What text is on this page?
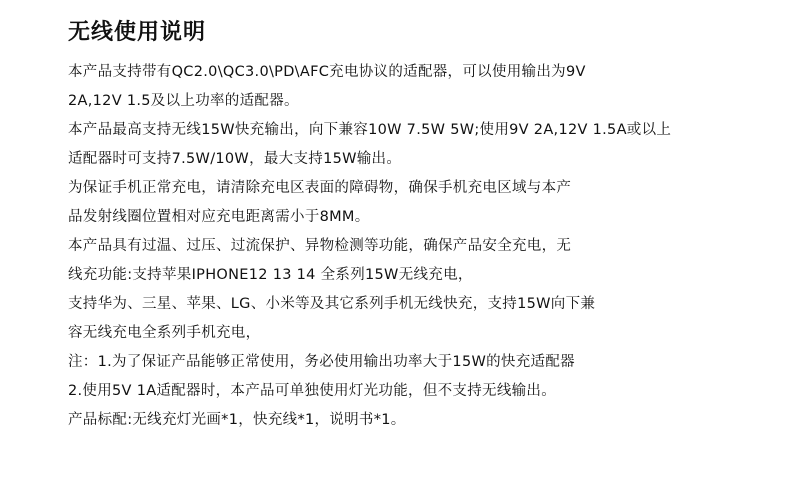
无线使用说明
本产品支持带有QC2.0\QC3.0\PD\AFC充电协议的适配器，可以使用输出为9V
2A,12V 1.5及以上功率的适配器。
本产品最高支持无线15W快充输出，向下兼容10W 7.5W 5W;使用9V 2A,12V 1.5A或以上
适配器时可支持7.5W/10W，最大支持15W输出。
为保证手机正常充电，请清除充电区表面的障碍物，确保手机充电区域与本产
品发射线圈位置相对应充电距离需小于8MM。
本产品具有过温、过压、过流保护、异物检测等功能，确保产品安全充电，无
线充功能:支持苹果IPHONE12 13 14 全系列15W无线充电，
支持华为、三星、苹果、LG、小米等及其它系列手机无线快充，支持15W向下兼
容无线充电全系列手机充电，
注：1.为了保证产品能够正常使用，务必使用输出功率大于15W的快充适配器
2.使用5V 1A适配器时，本产品可单独使用灯光功能，但不支持无线输出。
产品标配:无线充灯光画*1，快充线*1，说明书*1。
